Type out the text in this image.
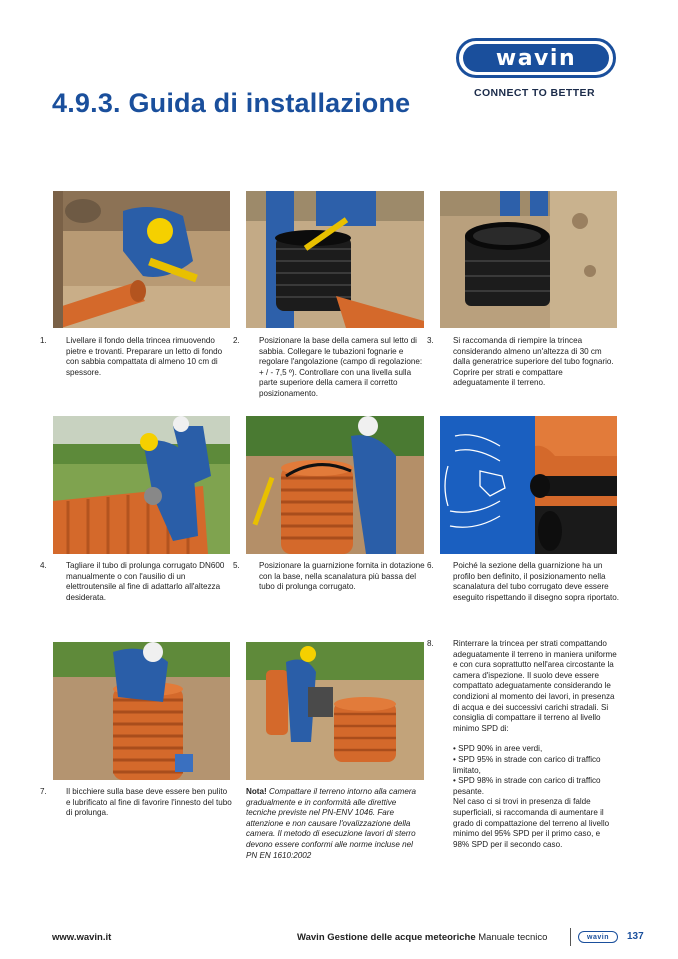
4.9.3. Guida di installazione
wavin
CONNECT TO BETTER
1. Livellare il fondo della trincea rimuovendo pietre e trovanti. Preparare un letto di fondo con sabbia compattata di almeno 10 cm di spessore.
2. Posizionare la base della camera sul letto di sabbia. Collegare le tubazioni fognarie e regolare l'angolazione (campo di regolazione: + / - 7,5 º). Controllare con una livella sulla parte superiore della camera il corretto posizionamento.
3. Si raccomanda di riempire la trincea considerando almeno un'altezza di 30 cm dalla generatrice superiore del tubo fognario. Coprire per strati e compattare adeguatamente il terreno.
4. Tagliare il tubo di prolunga corrugato DN600 manualmente o con l'ausilio di un elettroutensile al fine di adattarlo all'altezza desiderata.
5. Posizionare la guarnizione fornita in dotazione con la base, nella scanalatura più bassa del tubo di prolunga corrugato.
6. Poiché la sezione della guarnizione ha un profilo ben definito, il posizionamento nella scanalatura del tubo corrugato deve essere eseguito rispettando il disegno sopra riportato.
7. Il bicchiere sulla base deve essere ben pulito e lubrificato al fine di favorire l'innesto del tubo di prolunga.
Nota! Compattare il terreno intorno alla camera gradualmente e in conformità alle direttive tecniche previste nel PN-ENV 1046. Fare attenzione e non causare l'ovalizzazione della camera. Il metodo di esecuzione lavori di sterro devono essere conformi alle norme incluse nel PN EN 1610:2002
8. Rinterrare la trincea per strati compattando adeguatamente il terreno in maniera uniforme e con cura soprattutto nell'area circostante la camera d'ispezione. Il suolo deve essere compattato adeguatamente considerando le condizioni al momento dei lavori, in presenza di acqua e dei successivi carichi stradali. Si consiglia di compattare il terreno al livello minimo SPD di:
• SPD 90% in aree verdi,
• SPD 95% in strade con carico di traffico limitato,
• SPD 98% in strade con carico di traffico pesante.
Nel caso ci si trovi in presenza di falde superficiali, si raccomanda di aumentare il grado di compattazione del terreno al livello minimo del 95% SPD per il primo caso, e 98% SPD per il secondo caso.
www.wavin.it	Wavin Gestione delle acque meteoriche Manuale tecnico	wavin 137
